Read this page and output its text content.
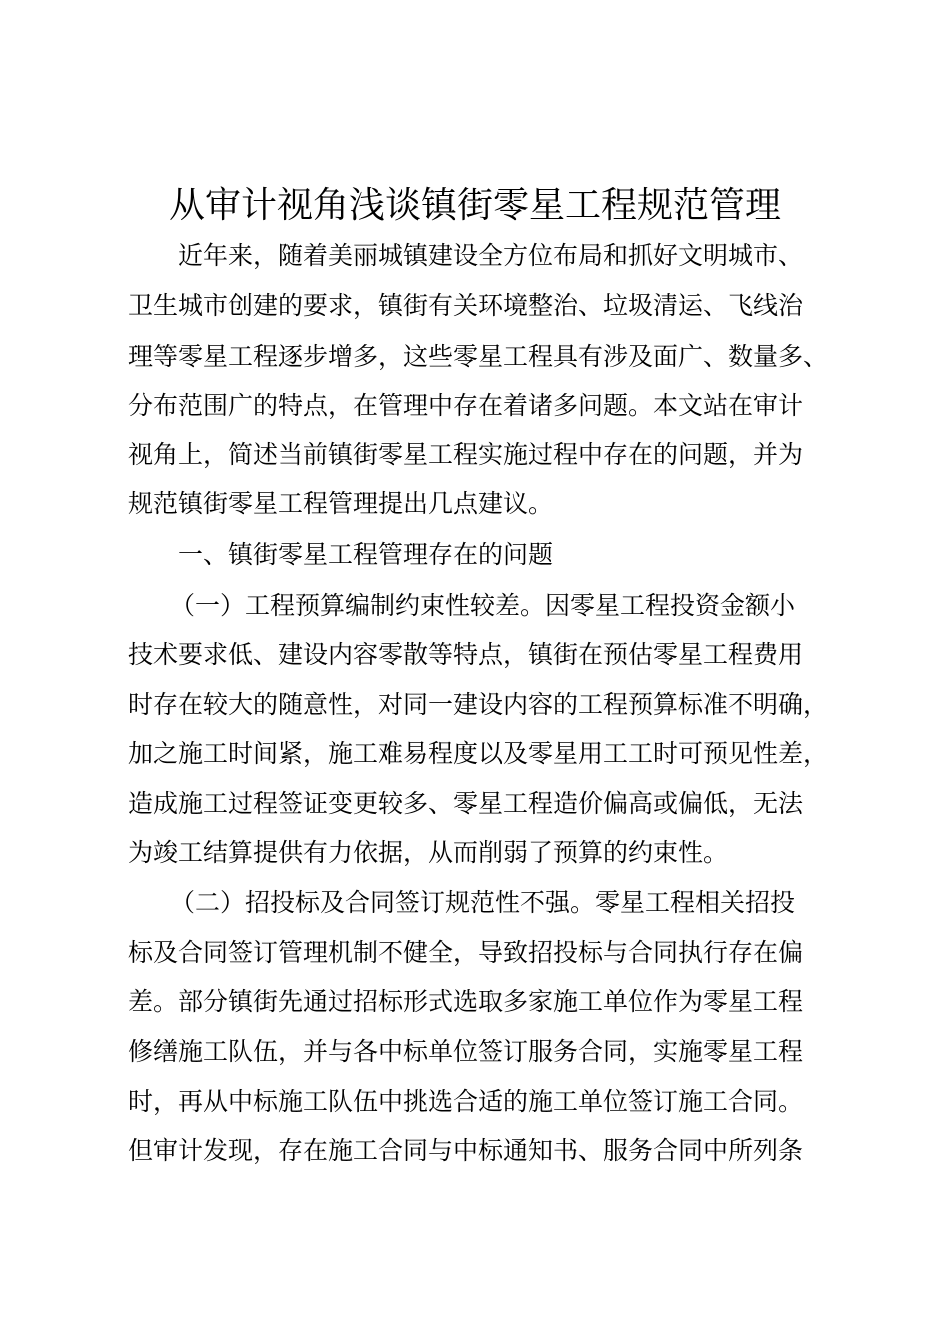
从审计视角浅谈镇街零星工程规范管理
近年来，随着美丽城镇建设全方位布局和抓好文明城市、
卫生城市创建的要求，镇街有关环境整治、垃圾清运、飞线治
理等零星工程逐步增多，这些零星工程具有涉及面广、数量多、
分布范围广的特点，在管理中存在着诸多问题。本文站在审计
视角上，简述当前镇街零星工程实施过程中存在的问题，并为
规范镇街零星工程管理提出几点建议。
一、镇街零星工程管理存在的问题
（一）工程预算编制约束性较差。因零星工程投资金额小
技术要求低、建设内容零散等特点，镇街在预估零星工程费用
时存在较大的随意性，对同一建设内容的工程预算标准不明确，
加之施工时间紧，施工难易程度以及零星用工工时可预见性差，
造成施工过程签证变更较多、零星工程造价偏高或偏低，无法
为竣工结算提供有力依据，从而削弱了预算的约束性。
（二）招投标及合同签订规范性不强。零星工程相关招投
标及合同签订管理机制不健全，导致招投标与合同执行存在偏
差。部分镇街先通过招标形式选取多家施工单位作为零星工程
修缮施工队伍，并与各中标单位签订服务合同，实施零星工程
时，再从中标施工队伍中挑选合适的施工单位签订施工合同。
但审计发现，存在施工合同与中标通知书、服务合同中所列条
